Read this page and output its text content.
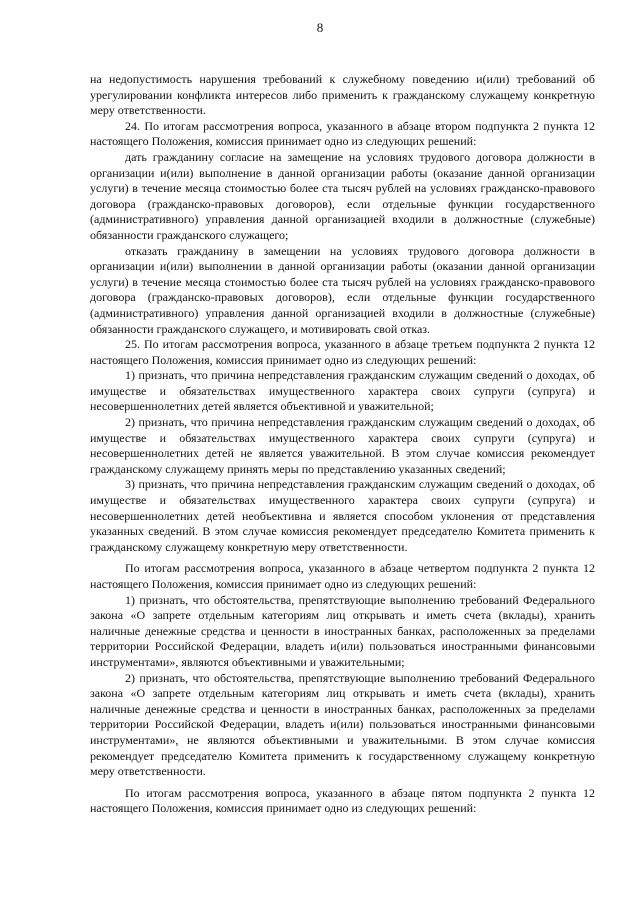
8

на недопустимость нарушения требований к служебному поведению и(или) требований об урегулировании конфликта интересов либо применить к гражданскому служащему конкретную меру ответственности.

24. По итогам рассмотрения вопроса, указанного в абзаце втором подпункта 2 пункта 12 настоящего Положения, комиссия принимает одно из следующих решений:

дать гражданину согласие на замещение на условиях трудового договора должности в организации и(или) выполнение в данной организации работы (оказание данной организации услуги) в течение месяца стоимостью более ста тысяч рублей на условиях гражданско-правового договора (гражданско-правовых договоров), если отдельные функции государственного (административного) управления данной организацией входили в должностные (служебные) обязанности гражданского служащего;

отказать гражданину в замещении на условиях трудового договора должности в организации и(или) выполнении в данной организации работы (оказании данной организации услуги) в течение месяца стоимостью более ста тысяч рублей на условиях гражданско-правового договора (гражданско-правовых договоров), если отдельные функции государственного (административного) управления данной организацией входили в должностные (служебные) обязанности гражданского служащего, и мотивировать свой отказ.

25. По итогам рассмотрения вопроса, указанного в абзаце третьем подпункта 2 пункта 12 настоящего Положения, комиссия принимает одно из следующих решений:

1) признать, что причина непредставления гражданским служащим сведений о доходах, об имуществе и обязательствах имущественного характера своих супруги (супруга) и несовершеннолетних детей является объективной и уважительной;

2) признать, что причина непредставления гражданским служащим сведений о доходах, об имуществе и обязательствах имущественного характера своих супруги (супруга) и несовершеннолетних детей не является уважительной. В этом случае комиссия рекомендует гражданскому служащему принять меры по представлению указанных сведений;

3) признать, что причина непредставления гражданским служащим сведений о доходах, об имуществе и обязательствах имущественного характера своих супруги (супруга) и несовершеннолетних детей необъективна и является способом уклонения от представления указанных сведений. В этом случае комиссия рекомендует председателю Комитета применить к гражданскому служащему конкретную меру ответственности.

По итогам рассмотрения вопроса, указанного в абзаце четвертом подпункта 2 пункта 12 настоящего Положения, комиссия принимает одно из следующих решений:

1) признать, что обстоятельства, препятствующие выполнению требований Федерального закона «О запрете отдельным категориям лиц открывать и иметь счета (вклады), хранить наличные денежные средства и ценности в иностранных банках, расположенных за пределами территории Российской Федерации, владеть и(или) пользоваться иностранными финансовыми инструментами», являются объективными и уважительными;

2) признать, что обстоятельства, препятствующие выполнению требований Федерального закона «О запрете отдельным категориям лиц открывать и иметь счета (вклады), хранить наличные денежные средства и ценности в иностранных банках, расположенных за пределами территории Российской Федерации, владеть и(или) пользоваться иностранными финансовыми инструментами», не являются объективными и уважительными. В этом случае комиссия рекомендует председателю Комитета применить к государственному служащему конкретную меру ответственности.

По итогам рассмотрения вопроса, указанного в абзаце пятом подпункта 2 пункта 12 настоящего Положения, комиссия принимает одно из следующих решений:
